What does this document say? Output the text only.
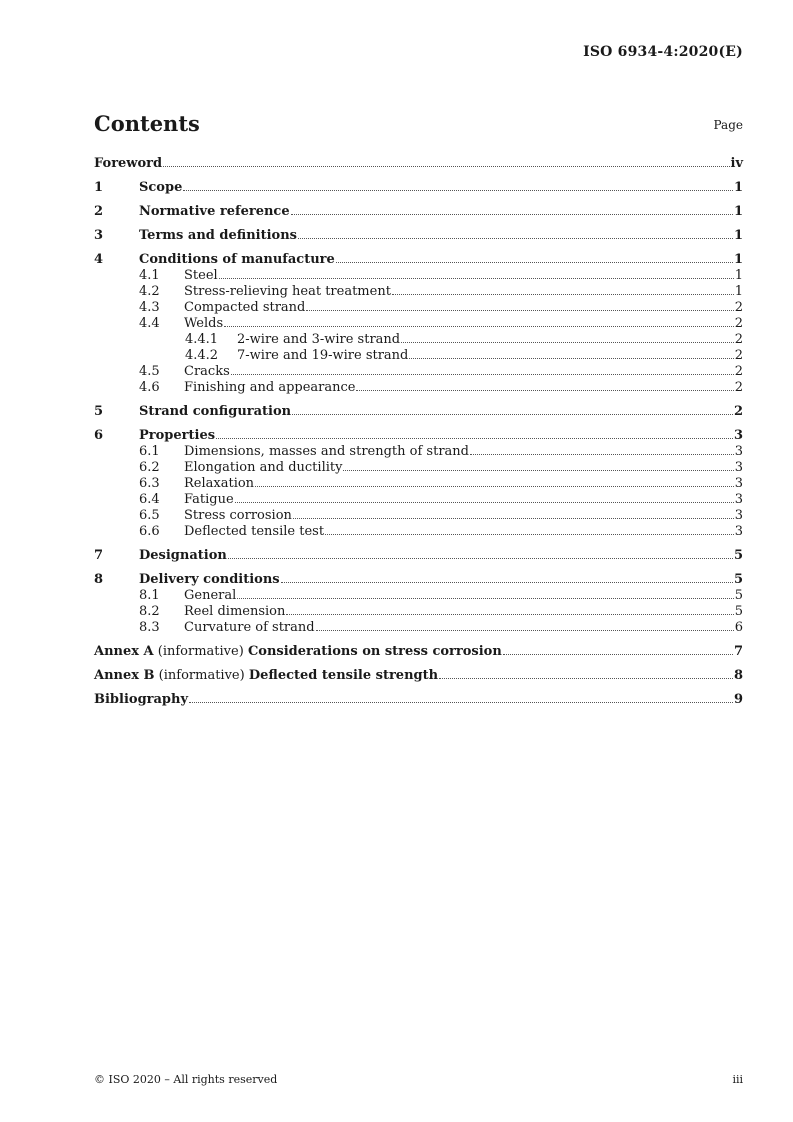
ISO 6934-4:2020(E)
Contents	Page
Foreword	iv
1	Scope	1
2	Normative reference	1
3	Terms and definitions	1
4	Conditions of manufacture	1
4.1	Steel	1
4.2	Stress-relieving heat treatment	1
4.3	Compacted strand	2
4.4	Welds	2
4.4.1	2-wire and 3-wire strand	2
4.4.2	7-wire and 19-wire strand	2
4.5	Cracks	2
4.6	Finishing and appearance	2
5	Strand configuration	2
6	Properties	3
6.1	Dimensions, masses and strength of strand	3
6.2	Elongation and ductility	3
6.3	Relaxation	3
6.4	Fatigue	3
6.5	Stress corrosion	3
6.6	Deflected tensile test	3
7	Designation	5
8	Delivery conditions	5
8.1	General	5
8.2	Reel dimension	5
8.3	Curvature of strand	6
Annex A (informative) Considerations on stress corrosion	7
Annex B (informative) Deflected tensile strength	8
Bibliography	9
© ISO 2020 – All rights reserved	iii
